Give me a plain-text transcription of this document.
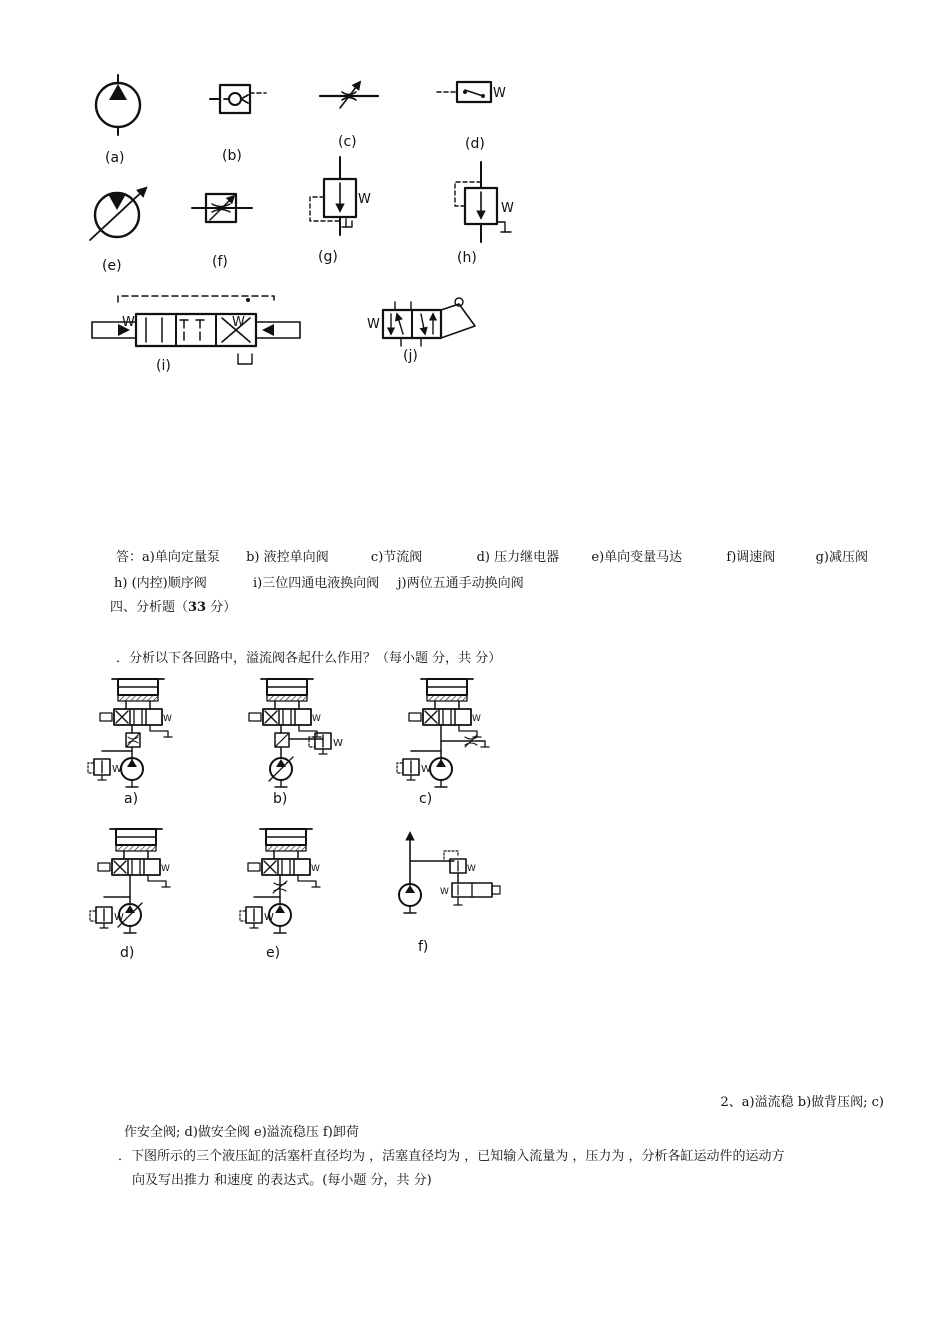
(a)	(b)
(c)
W
(d)
(e)	(f)
W
(g)
W
(h)
W	W
(i)
W
(j)
答：a)单向定量泵 b) 液控单向阀	c)节流阀	d) 压力继电器 e)单向变量马达	f)调速阀	g)减压阀
h) (内控)顺序阀	i)三位四通电液换向阀 j)两位五通手动换向阀
四、分析题（33 分）
．分析以下各回路中，溢流阀各起什么作用？（每小题 分，共 分）
a)	b)	c)
d)	e)
W
W
f)
2、a)溢流稳 b)做背压阀; c)
作安全阀; d)做安全阀 e)溢流稳压 f)卸荷
．下图所示的三个液压缸的活塞杆直径均为 ，活塞直径均为 ，已知输入流量为 ，压力为 ，分析各缸运动件的运动方
向及写出推力 和速度 的表达式。(每小题 分，共 分)
